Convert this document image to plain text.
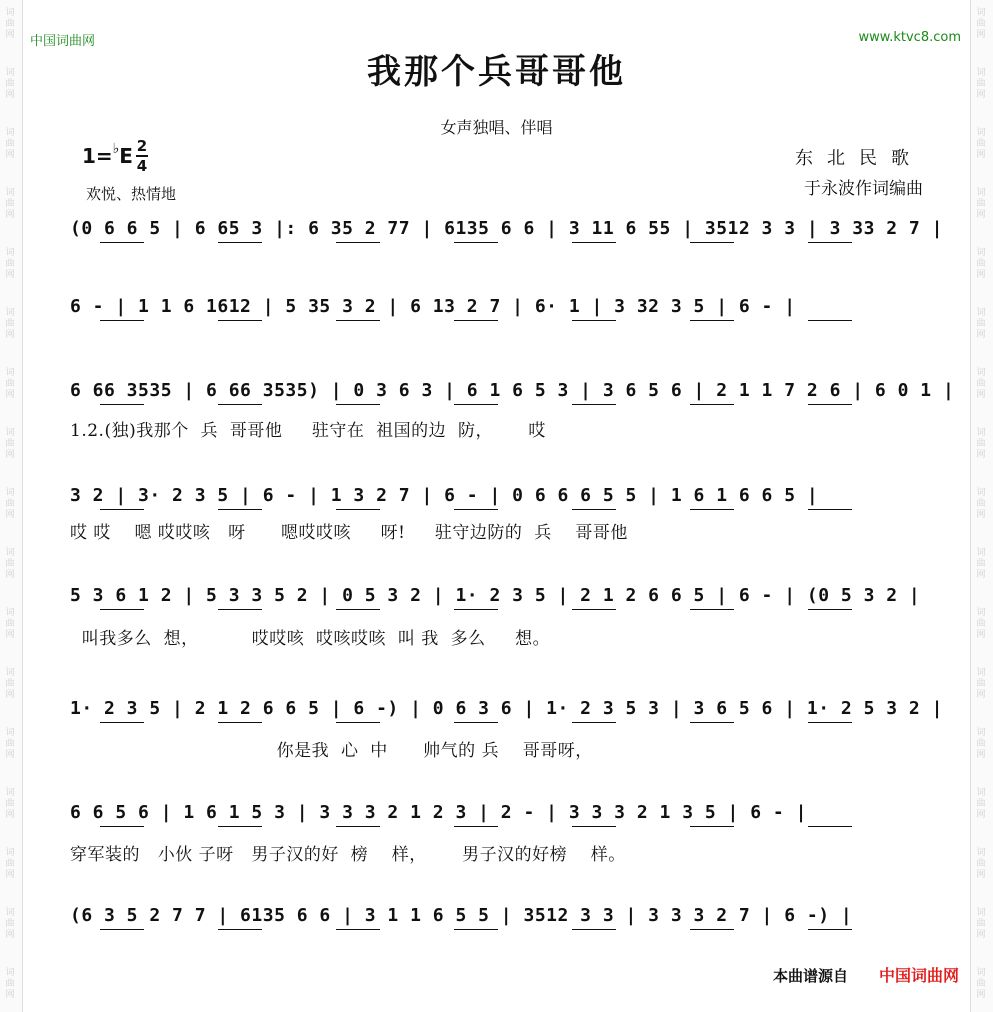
词曲网
词曲网
词曲网
词曲网
词曲网
词曲网
词曲网
词曲网
词曲网
词曲网
词曲网
词曲网
词曲网
词曲网
词曲网
词曲网
词曲网
词曲网
词曲网
词曲网
词曲网
词曲网
词曲网
词曲网
词曲网
词曲网
词曲网
词曲网
词曲网
词曲网
词曲网
词曲网
词曲网
词曲网
中国词曲网	www.ktvc8.com
我那个兵哥哥他
女声独唱、伴唱
1= ♭ E $\frac{2}{4}$
欢悦、热情地
东北民歌
于永波作词编曲
(0 6 6 5 | 6 65 3 |: 6 35 2 77 | 6135 6 6 | 3 11 6 55 | 3512 3 3 | 3 33 2 7 |
6 - | 1 1 6 1612 | 5 35 3 2 | 6 13 2 7 | 6· 1 | 3 32 3 5 | 6 - |
6 66 3535 | 6 66 3535) | 0 3 6 3 | 6 1 6 5 3 | 3 6 5 6 | 2 1 1 7 2 6 | 6 0 1 |
1.2.(独)我那个  兵  哥哥他     驻守在  祖国的边  防，      哎
3 2 | 3· 2 3 5 | 6 - | 1 3 2 7 | 6 - | 0 6 6 6 5 5 | 1 6 1 6 6 5 |
哎 哎    嗯 哎哎咳   呀      嗯哎哎咳     呀!     驻守边防的  兵    哥哥他
5 3 6 1 2 | 5 3 3 5 2 | 0 5 3 2 | 1· 2 3 5 | 2 1 2 6 6 5 | 6 - | (0 5 3 2 |
叫我多么  想，         哎哎咳  哎咳哎咳  叫 我  多么     想。
1· 2 3 5 | 2 1 2 6 6 5 | 6 -) | 0 6 3 6 | 1· 2 3 5 3 | 3 6 5 6 | 1· 2 5 3 2 |
你是我  心  中      帅气的 兵    哥哥呀，
6 6 5 6 | 1 6 1 5 3 | 3 3 3 2 1 2 3 | 2 - | 3 3 3 2 1 3 5 | 6 - |
穿军装的   小伙 子呀   男子汉的好  榜    样，      男子汉的好榜    样。
(6 3 5 2 7 7 | 6135 6 6 | 3 1 1 6 5 5 | 3512 3 3 | 3 3 3 2 7 | 6 -) |
本曲谱源自 中国词曲网
